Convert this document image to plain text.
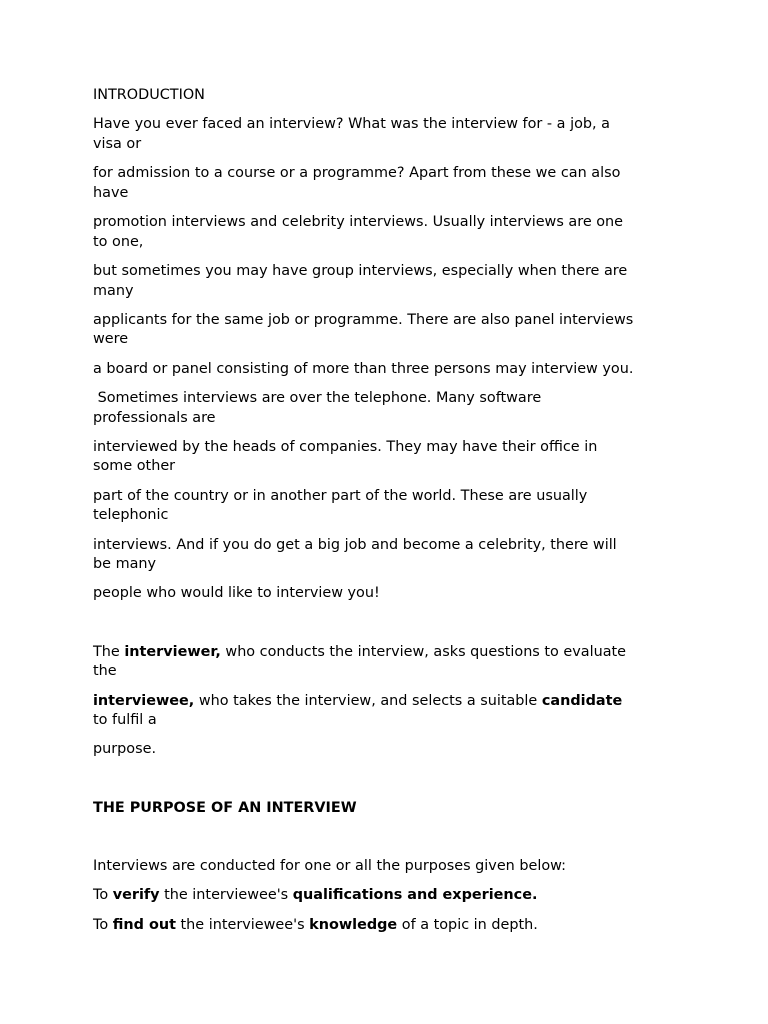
INTRODUCTION
Have you ever faced an interview? What was the interview for - a job, a
visa or
for admission to a course or a programme? Apart from these we can also
have
promotion interviews and celebrity interviews. Usually interviews are one
to one,
but sometimes you may have group interviews, especially when there are
many
applicants for the same job or programme. There are also panel interviews
were
a board or panel consisting of more than three persons may interview you.
Sometimes interviews are over the telephone. Many software
professionals are
interviewed by the heads of companies. They may have their office in
some other
part of the country or in another part of the world. These are usually
telephonic
interviews. And if you do get a big job and become a celebrity, there will
be many
people who would like to interview you!
The interviewer, who conducts the interview, asks questions to evaluate
the
interviewee, who takes the interview, and selects a suitable candidate
to fulfil a
purpose.
THE PURPOSE OF AN INTERVIEW
Interviews are conducted for one or all the purposes given below:
To verify the interviewee's qualifications and experience.
To find out the interviewee's knowledge of a topic in depth.
